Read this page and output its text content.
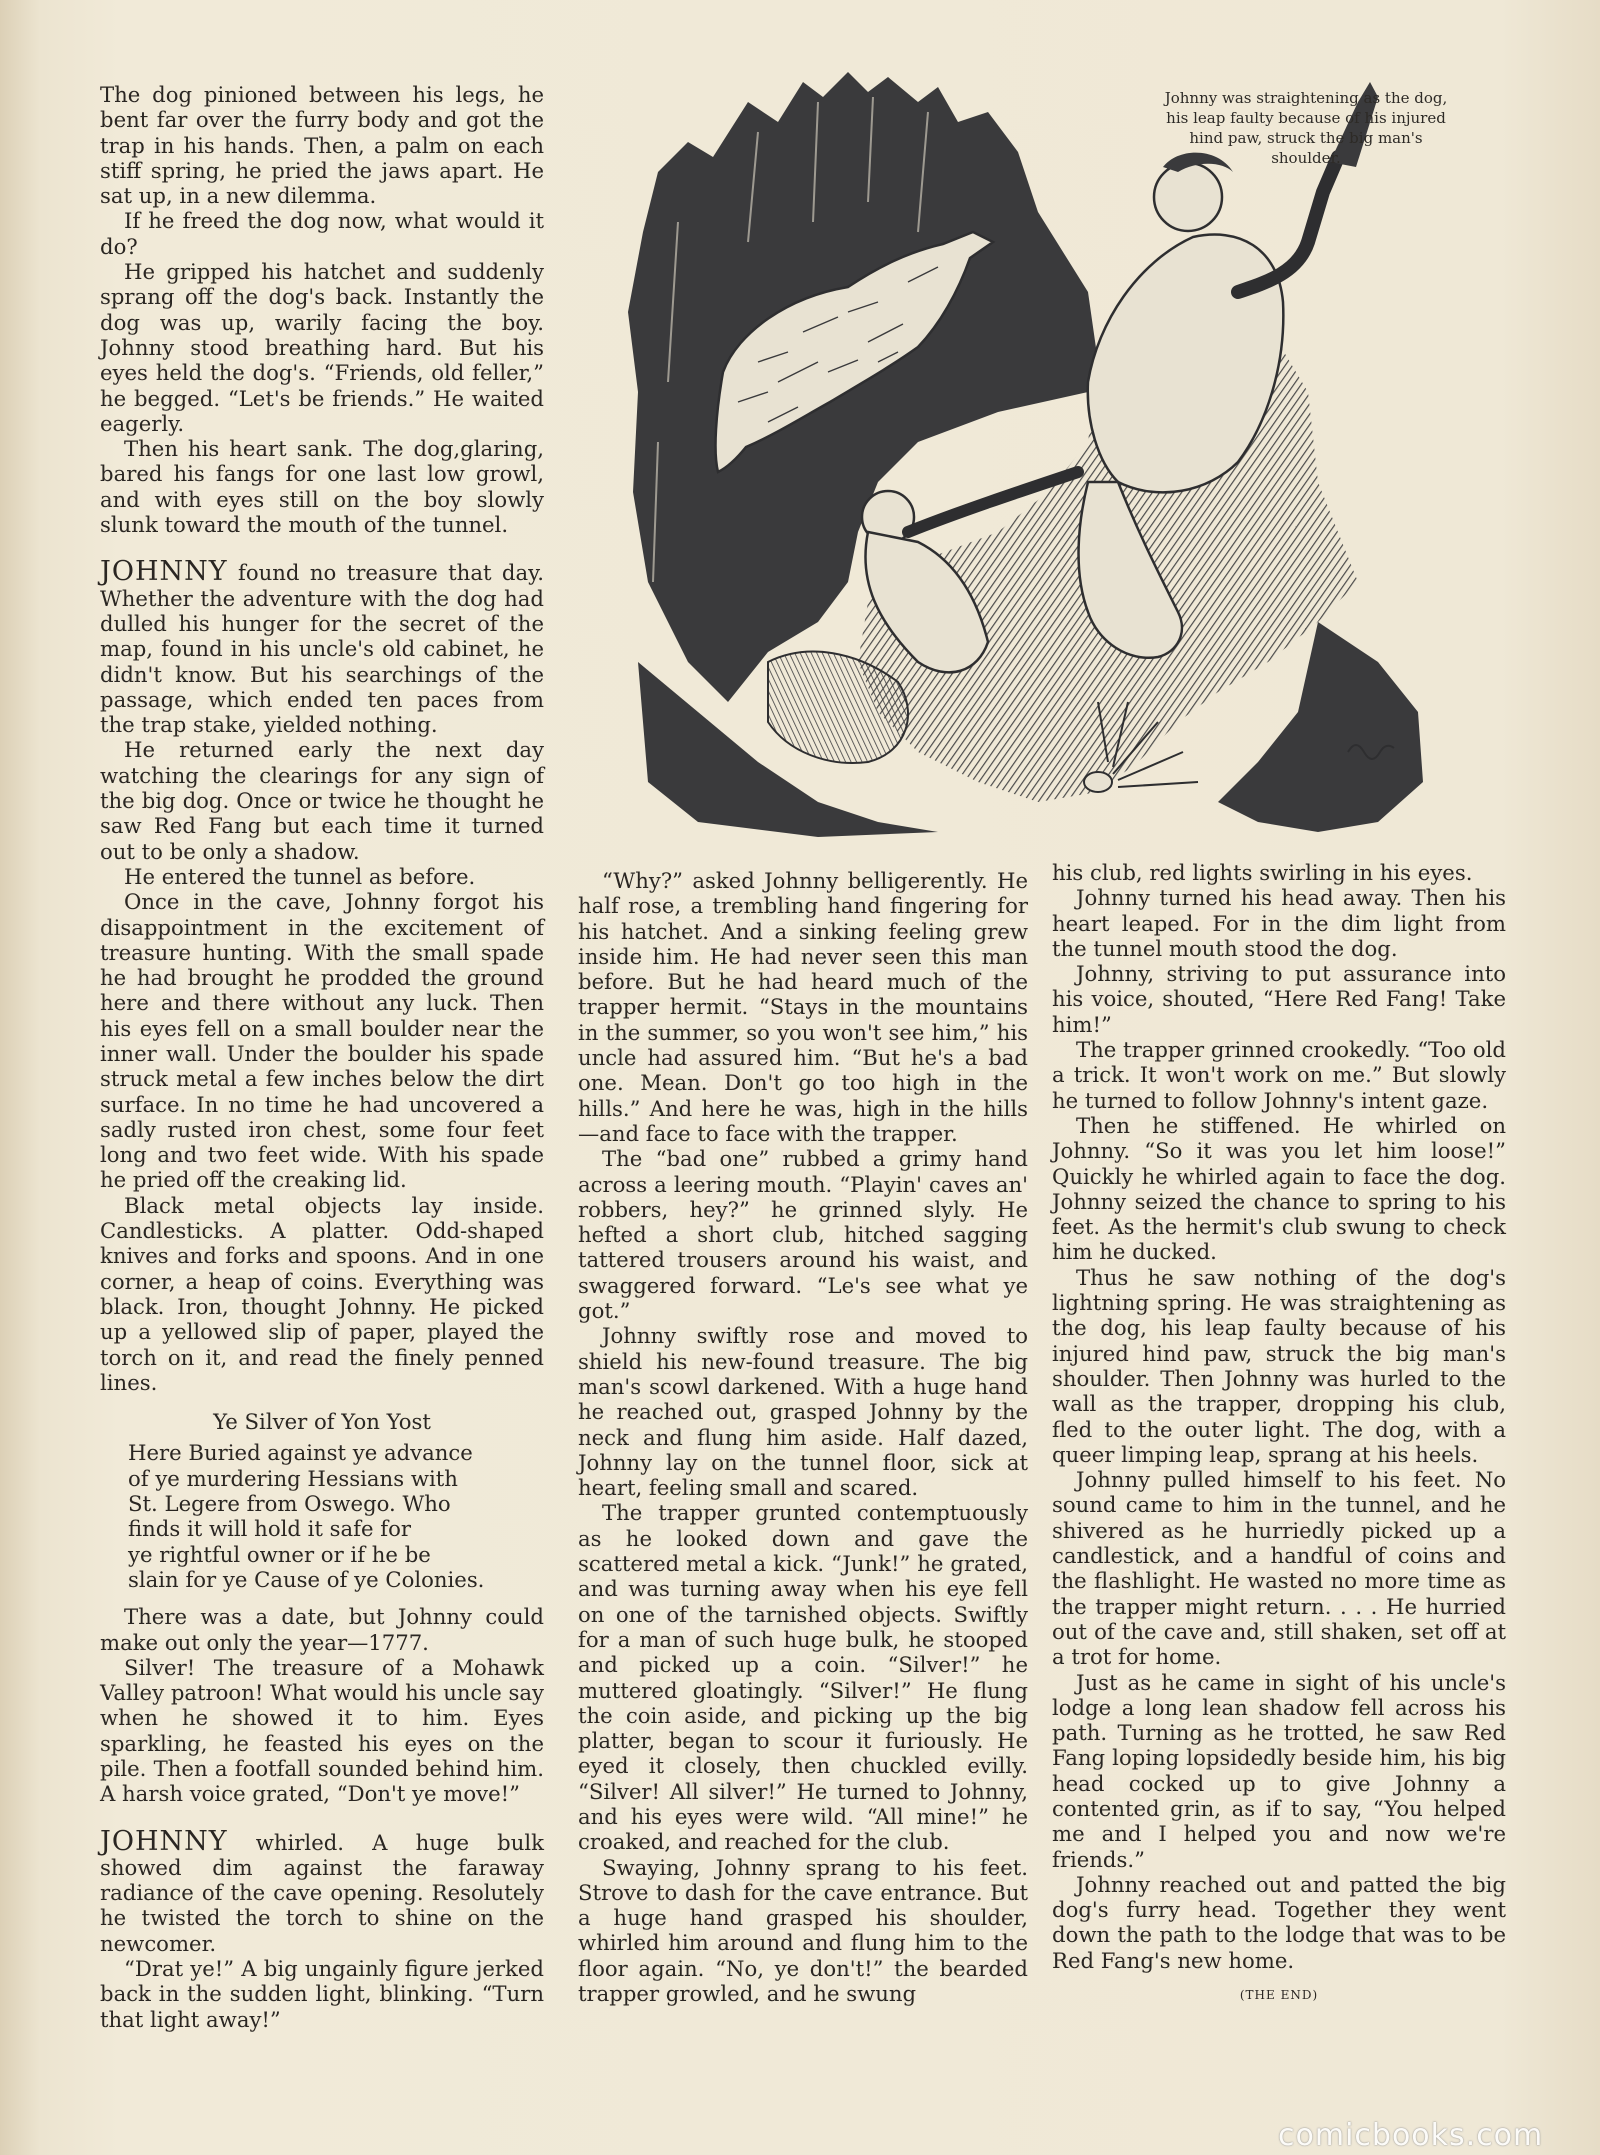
The dog pinioned between his legs, he bent far over the furry body and got the trap in his hands. Then, a palm on each stiff spring, he pried the jaws apart. He sat up, in a new dilemma.

If he freed the dog now, what would it do?

He gripped his hatchet and suddenly sprang off the dog's back. Instantly the dog was up, warily facing the boy. Johnny stood breathing hard. But his eyes held the dog's. “Friends, old feller,” he begged. “Let's be friends.” He waited eagerly.

Then his heart sank. The dog,glaring, bared his fangs for one last low growl, and with eyes still on the boy slowly slunk toward the mouth of the tunnel.

JOHNNY found no treasure that day. Whether the adventure with the dog had dulled his hunger for the secret of the map, found in his uncle's old cabinet, he didn't know. But his searchings of the passage, which ended ten paces from the trap stake, yielded nothing.

He returned early the next day watching the clearings for any sign of the big dog. Once or twice he thought he saw Red Fang but each time it turned out to be only a shadow.

He entered the tunnel as before.

Once in the cave, Johnny forgot his disappointment in the excitement of treasure hunting. With the small spade he had brought he prodded the ground here and there without any luck. Then his eyes fell on a small boulder near the inner wall. Under the boulder his spade struck metal a few inches below the dirt surface. In no time he had uncovered a sadly rusted iron chest, some four feet long and two feet wide. With his spade he pried off the creaking lid.

Black metal objects lay inside. Candlesticks. A platter. Odd-shaped knives and forks and spoons. And in one corner, a heap of coins. Everything was black. Iron, thought Johnny. He picked up a yellowed slip of paper, played the torch on it, and read the finely penned lines.

Ye Silver of Yon Yost

Here Buried against ye advance
of ye murdering Hessians with
St. Legere from Oswego. Who
finds it will hold it safe for
ye rightful owner or if he be
slain for ye Cause of ye Colonies.

There was a date, but Johnny could make out only the year—1777.

Silver! The treasure of a Mohawk Valley patroon! What would his uncle say when he showed it to him. Eyes sparkling, he feasted his eyes on the pile. Then a footfall sounded behind him. A harsh voice grated, “Don't ye move!”

JOHNNY whirled. A huge bulk showed dim against the faraway radiance of the cave opening. Resolutely he twisted the torch to shine on the newcomer.

“Drat ye!” A big ungainly figure jerked back in the sudden light, blinking. “Turn that light away!”

Johnny was straightening as the dog, his leap faulty because of his injured hind paw, struck the big man's shoulder.

“Why?” asked Johnny belligerently. He half rose, a trembling hand fingering for his hatchet. And a sinking feeling grew inside him. He had never seen this man before. But he had heard much of the trapper hermit. “Stays in the mountains in the summer, so you won't see him,” his uncle had assured him. “But he's a bad one. Mean. Don't go too high in the hills.” And here he was, high in the hills—and face to face with the trapper.

The “bad one” rubbed a grimy hand across a leering mouth. “Playin' caves an' robbers, hey?” he grinned slyly. He hefted a short club, hitched sagging tattered trousers around his waist, and swaggered forward. “Le's see what ye got.”

Johnny swiftly rose and moved to shield his new-found treasure. The big man's scowl darkened. With a huge hand he reached out, grasped Johnny by the neck and flung him aside. Half dazed, Johnny lay on the tunnel floor, sick at heart, feeling small and scared.

The trapper grunted contemptuously as he looked down and gave the scattered metal a kick. “Junk!” he grated, and was turning away when his eye fell on one of the tarnished objects. Swiftly for a man of such huge bulk, he stooped and picked up a coin. “Silver!” he muttered gloatingly. “Silver!” He flung the coin aside, and picking up the big platter, began to scour it furiously. He eyed it closely, then chuckled evilly. “Silver! All silver!” He turned to Johnny, and his eyes were wild. “All mine!” he croaked, and reached for the club.

Swaying, Johnny sprang to his feet. Strove to dash for the cave entrance. But a huge hand grasped his shoulder, whirled him around and flung him to the floor again. “No, ye don't!” the bearded trapper growled, and he swung

his club, red lights swirling in his eyes.

Johnny turned his head away. Then his heart leaped. For in the dim light from the tunnel mouth stood the dog.

Johnny, striving to put assurance into his voice, shouted, “Here Red Fang! Take him!”

The trapper grinned crookedly. “Too old a trick. It won't work on me.” But slowly he turned to follow Johnny's intent gaze.

Then he stiffened. He whirled on Johnny. “So it was you let him loose!” Quickly he whirled again to face the dog. Johnny seized the chance to spring to his feet. As the hermit's club swung to check him he ducked.

Thus he saw nothing of the dog's lightning spring. He was straightening as the dog, his leap faulty because of his injured hind paw, struck the big man's shoulder. Then Johnny was hurled to the wall as the trapper, dropping his club, fled to the outer light. The dog, with a queer limping leap, sprang at his heels.

Johnny pulled himself to his feet. No sound came to him in the tunnel, and he shivered as he hurriedly picked up a candlestick, and a handful of coins and the flashlight. He wasted no more time as the trapper might return. . . . He hurried out of the cave and, still shaken, set off at a trot for home.

Just as he came in sight of his uncle's lodge a long lean shadow fell across his path. Turning as he trotted, he saw Red Fang loping lopsidedly beside him, his big head cocked up to give Johnny a contented grin, as if to say, “You helped me and I helped you and now we're friends.”

Johnny reached out and patted the big dog's furry head. Together they went down the path to the lodge that was to be Red Fang's new home.

(THE END)

comicbooks.com
